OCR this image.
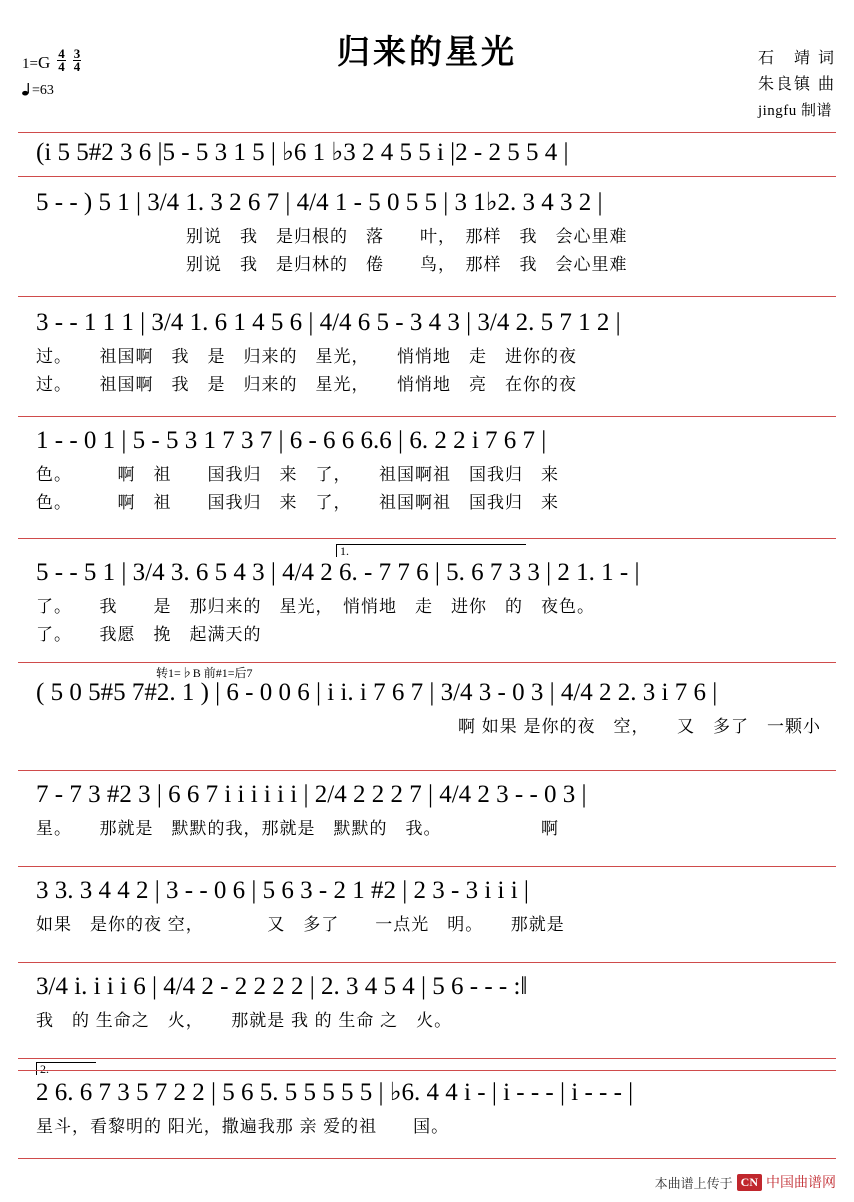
归来的星光	石　靖 词
朱良镇 曲
jingfu 制谱
$1=G \frac{4}{4} \frac{3}{4}$
=63
(i 5 5#2 3 6 |5 - 5 3 1 5 | ♭6 1 ♭3 2 4 5 5 i |2 - 2 5 5 4 |
5 - - ) 5 1 | 3/4 1. 3 2 6 7 | 4/4 1 - 5 0 5 5 | 3 1♭2. 3 4 3 2 |
别说　我　是归根的　落　　叶，　那样　我　会心里难
别说　我　是归林的　倦　　鸟，　那样　我　会心里难
3 - - 1 1 1 | 3/4 1. 6 1 4 5 6 | 4/4 6 5 - 3 4 3 | 3/4 2. 5 7 1 2 |
过。　　祖国啊　我　是　归来的　星光，　　悄悄地　走　进你的夜
过。　　祖国啊　我　是　归来的　星光，　　悄悄地　亮　在你的夜
1 - - 0 1 | 5 - 5 3 1 7 3 7 | 6 - 6 6 6.6 | 6. 2 2 i 7 6 7 |
色。　　　啊　祖　　国我归　来　了，　　祖国啊祖　国我归　来
色。　　　啊　祖　　国我归　来　了，　　祖国啊祖　国我归　来
1.
5 - - 5 1 | 3/4 3. 6 5 4 3 | 4/4 2 6. - 7 7 6 | 5. 6 7 3 3 | 2 1. 1 - |
了。　　我　　是　那归来的　星光，　悄悄地　走　进你　的　夜色。
了。　　我愿　挽　起满天的
转1=♭B 前#1=后7
( 5 0 5#5 7#2. 1 ) | 6 - 0 0 6 | i i. i 7 6 7 | 3/4 3 - 0 3 | 4/4 2 2. 3 i 7 6 |
　　　　　　　　　啊 如果 是你的夜　空，　　又　多了　一颗小
7 - 7 3 #2 3 | 6 6 7 i i i i i i | 2/4 2 2 2 7 | 4/4 2 3 - - 0 3 |
星。　　那就是　默默的我，那就是　默默的　我。　　　　　　啊
3 3. 3 4 4 2 | 3 - - 0 6 | 5 6 3 - 2 1 #2 | 2 3 - 3 i i i |
如果　是你的夜 空，　　　　又　多了　　一点光　明。　　那就是
3/4 i. i i i 6 | 4/4 2 - 2 2 2 2 | 2. 3 4 5 4 | 5 6 - - - :‖
我　的 生命之　火，　　那就是 我 的 生命 之　火。
2.
2 6. 6 7 3 5 7 2 2 | 5 6 5. 5 5 5 5 5 | ♭6. 4 4 i - | i - - - | i - - - |
星斗，看黎明的 阳光，撒遍我那 亲 爱的祖　　国。
本曲谱上传于 CN 中国曲谱网
